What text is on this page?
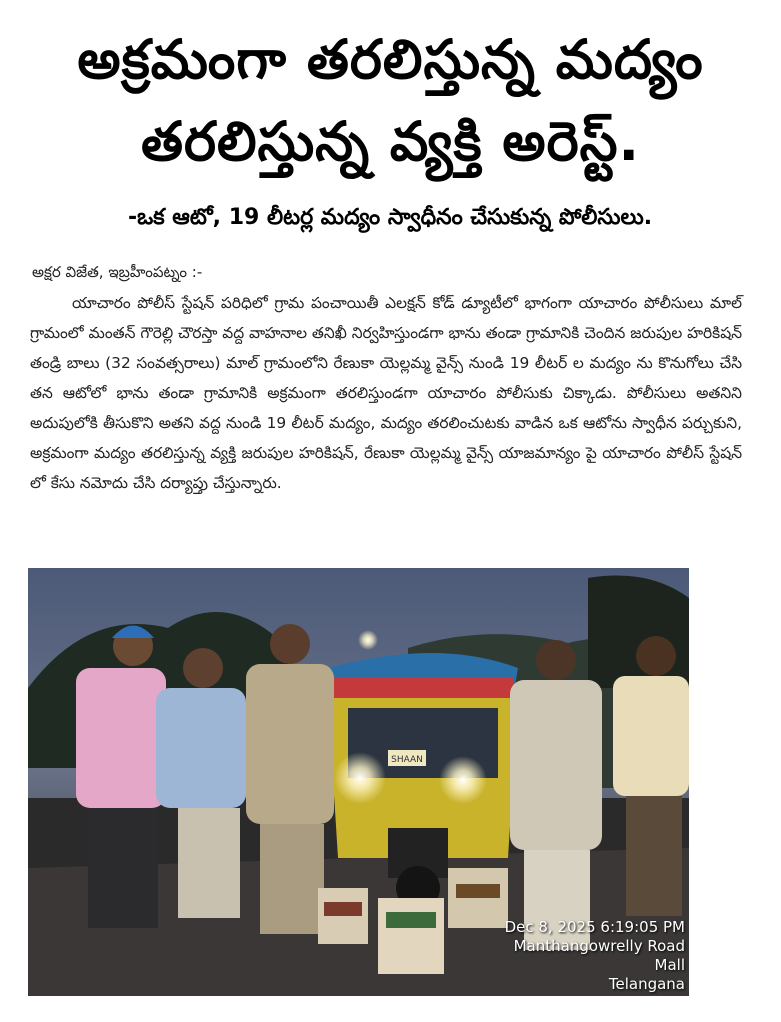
అక్రమంగా తరలిస్తున్న మద్యం
తరలిస్తున్న వ్యక్తి అరెస్ట్.
-ఒక ఆటో, 19 లీటర్ల మద్యం స్వాధీనం చేసుకున్న పోలీసులు.
అక్షర విజేత, ఇబ్రహీంపట్నం :-
యాచారం పోలీస్ స్టేషన్ పరిధిలో గ్రామ పంచాయితీ ఎలక్షన్ కోడ్ డ్యూటీలో భాగంగా యాచారం పోలీసులు మాల్ గ్రామంలో మంతన్ గౌరెల్లి చౌరస్తా వద్ద వాహనాల తనిఖీ నిర్వహిస్తుండగా భాను తండా గ్రామానికి చెందిన జరుపుల హరికిషన్ తండ్రి బాలు (32 సంవత్సరాలు) మాల్ గ్రామంలోని రేణుకా యెల్లమ్మ వైన్స్ నుండి 19 లీటర్ ల మద్యం ను కొనుగోలు చేసి తన ఆటోలో భాను తండా గ్రామానికి అక్రమంగా తరలిస్తుండగా యాచారం పోలీసుకు చిక్కాడు. పోలీసులు అతనిని అదుపులోకి తీసుకొని అతని వద్ద నుండి 19 లీటర్ మద్యం, మద్యం తరలించుటకు వాడిన ఒక ఆటోను స్వాధీన పర్చుకుని, అక్రమంగా మద్యం తరలిస్తున్న వ్యక్తి జరుపుల హరికిషన్, రేణుకా యెల్లమ్మ వైన్స్ యాజమాన్యం పై యాచారం పోలీస్ స్టేషన్ లో కేసు నమోదు చేసి దర్యాప్తు చేస్తున్నారు.
SHAAN
Dec 8, 2025 6:19:05 PM
Manthangowrelly Road
Mall
Telangana
